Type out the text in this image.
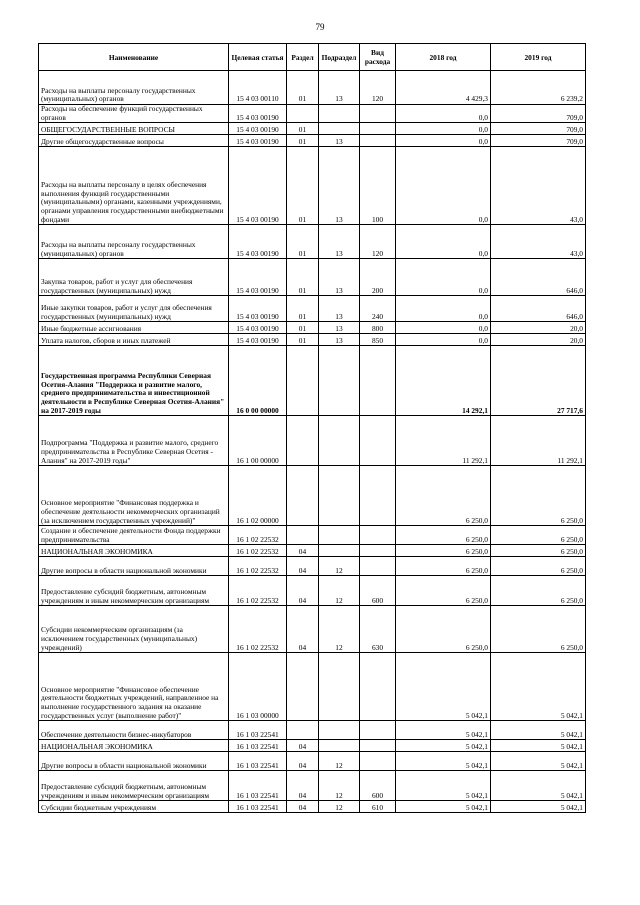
79
Наименование	Целевая статья	Раздел	Подраздел	Вид расхода	2018 год	2019 год
Расходы на выплаты персоналу государственных (муниципальных) органов	15 4 03 00110	01	13	120	4 429,3	6 239,2
Расходы на обеспечение функций государственных органов	15 4 03 00190				0,0	709,0
ОБЩЕГОСУДАРСТВЕННЫЕ ВОПРОСЫ	15 4 03 00190	01			0,0	709,0
Другие общегосударственные вопросы	15 4 03 00190	01	13		0,0	709,0
Расходы на выплаты персоналу в целях обеспечения выполнения функций государственными (муниципальными) органами, казенными учреждениями, органами управления государственными внебюджетными фондами	15 4 03 00190	01	13	100	0,0	43,0
Расходы на выплаты персоналу государственных (муниципальных) органов	15 4 03 00190	01	13	120	0,0	43,0
Закупка товаров, работ и услуг для обеспечения государственных (муниципальных) нужд	15 4 03 00190	01	13	200	0,0	646,0
Иные закупки товаров, работ и услуг для обеспечения государственных (муниципальных) нужд	15 4 03 00190	01	13	240	0,0	646,0
Иные бюджетные ассигнования	15 4 03 00190	01	13	800	0,0	20,0
Уплата налогов, сборов и иных платежей	15 4 03 00190	01	13	850	0,0	20,0
Государственная программа Республики Северная Осетия-Алания "Поддержка и развитие малого, среднего предпринимательства и инвестиционной деятельности в Республике Северная Осетия-Алания" на 2017-2019 годы	16 0 00 00000				14 292,1	27 717,6
Подпрограмма "Поддержка и развитие малого, среднего предпринимательства в Республике Северная Осетия - Алания" на 2017-2019 годы"	16 1 00 00000				11 292,1	11 292,1
Основное мероприятие "Финансовая поддержка и обеспечение деятельности некоммерческих организаций (за исключением государственных учреждений)"	16 1 02 00000				6 250,0	6 250,0
Создание и обеспечение деятельности Фонда поддержки предпринимательства	16 1 02 22532				6 250,0	6 250,0
НАЦИОНАЛЬНАЯ ЭКОНОМИКА	16 1 02 22532	04			6 250,0	6 250,0
Другие вопросы в области национальной экономики	16 1 02 22532	04	12		6 250,0	6 250,0
Предоставление субсидий бюджетным, автономным учреждениям и иным некоммерческим организациям	16 1 02 22532	04	12	600	6 250,0	6 250,0
Субсидии некоммерческим организациям (за исключением государственных (муниципальных) учреждений)	16 1 02 22532	04	12	630	6 250,0	6 250,0
Основное мероприятие "Финансовое обеспечение деятельности бюджетных учреждений, направленное на выполнение государственного задания на оказание государственных услуг (выполнение работ)"	16 1 03 00000				5 042,1	5 042,1
Обеспечение деятельности бизнес-инкубаторов	16 1 03 22541				5 042,1	5 042,1
НАЦИОНАЛЬНАЯ ЭКОНОМИКА	16 1 03 22541	04			5 042,1	5 042,1
Другие вопросы в области национальной экономики	16 1 03 22541	04	12		5 042,1	5 042,1
Предоставление субсидий бюджетным, автономным учреждениям и иным некоммерческим организациям	16 1 03 22541	04	12	600	5 042,1	5 042,1
Субсидии бюджетным учреждениям	16 1 03 22541	04	12	610	5 042,1	5 042,1
